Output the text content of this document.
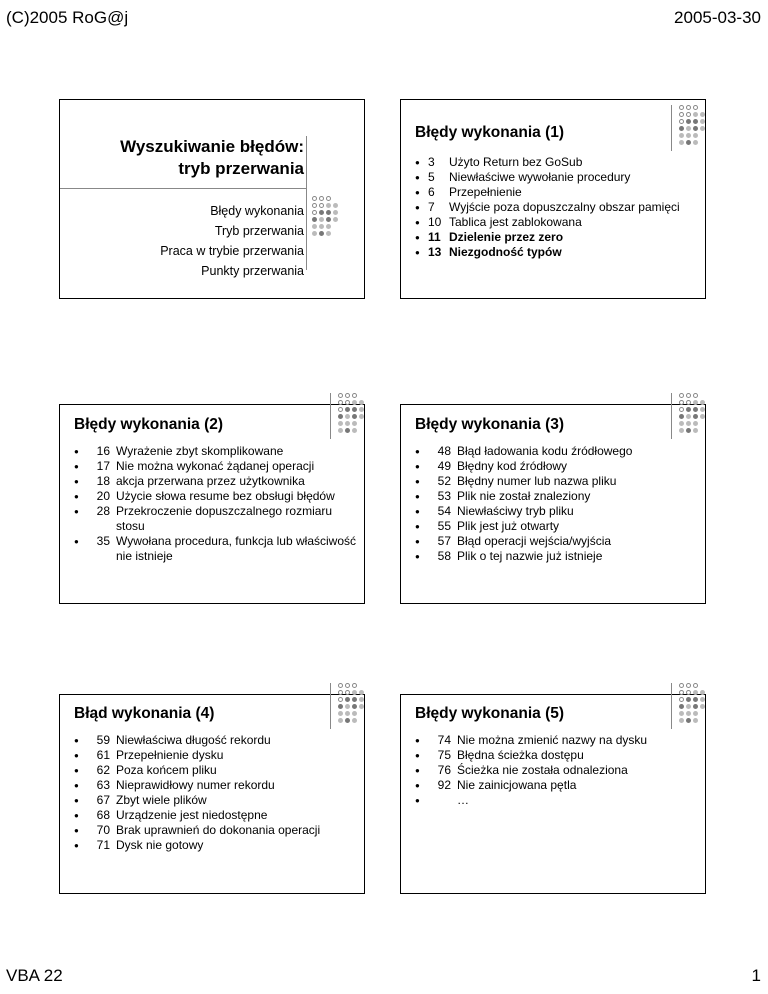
(C)2005 RoG@j	2005-03-30
Wyszukiwanie błędów:
tryb przerwania
Błędy wykonania
Tryb przerwania
Praca w trybie przerwania
Punkty przerwania
Błędy wykonania (1)
● 3	Użyto Return bez GoSub
● 5	Niewłaściwe wywołanie procedury
● 6	Przepełnienie
● 7	Wyjście poza dopuszczalny obszar pamięci
● 10 Tablica jest zablokowana
● 11 Dzielenie przez zero
● 13 Niezgodność typów
Błędy wykonania (2)
● 16 Wyrażenie zbyt skomplikowane
● 17 Nie można wykonać żądanej operacji
● 18 akcja przerwana przez użytkownika
● 20 Użycie słowa resume bez obsługi błędów
● 28 Przekroczenie dopuszczalnego rozmiaru stosu
● 35 Wywołana procedura, funkcja lub właściwość nie istnieje
Błędy wykonania (3)
● 48 Błąd ładowania kodu źródłowego
● 49 Błędny kod źródłowy
● 52 Błędny numer lub nazwa pliku
● 53 Plik nie został znaleziony
● 54 Niewłaściwy tryb pliku
● 55 Plik jest już otwarty
● 57 Błąd operacji wejścia/wyjścia
● 58 Plik o tej nazwie już istnieje
Błąd wykonania (4)
● 59 Niewłaściwa długość rekordu
● 61 Przepełnienie dysku
● 62 Poza końcem pliku
● 63 Nieprawidłowy numer rekordu
● 67 Zbyt wiele plików
● 68 Urządzenie jest niedostępne
● 70 Brak uprawnień do dokonania operacji
● 71 Dysk nie gotowy
Błędy wykonania (5)
● 74 Nie można zmienić nazwy na dysku
● 75 Błędna ścieżka dostępu
● 76 Ścieżka nie została odnaleziona
● 92 Nie zainicjowana pętla
● …
VBA 22	1
